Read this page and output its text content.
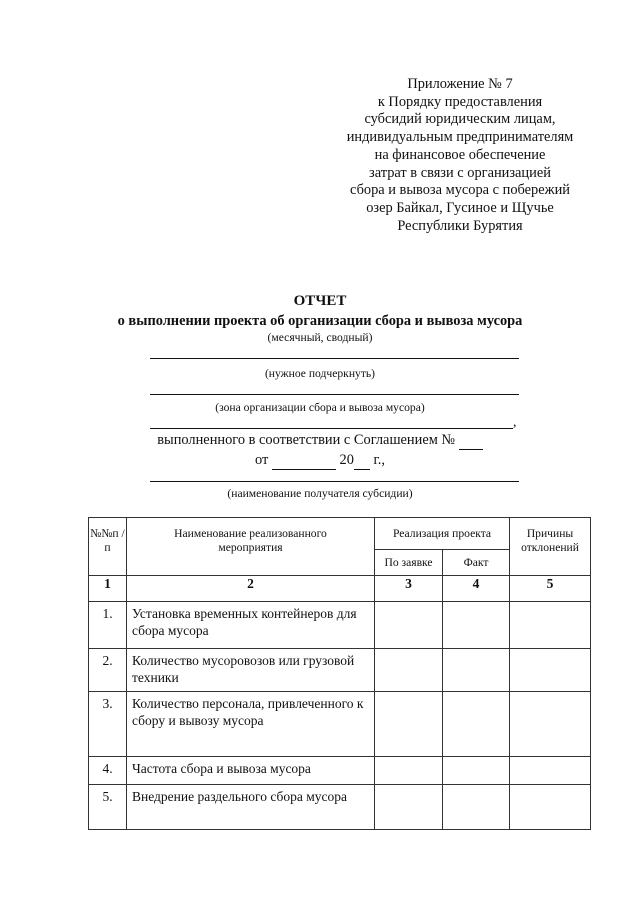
Приложение № 7
к Порядку предоставления
субсидий юридическим лицам,
индивидуальным предпринимателям
на финансовое обеспечение
затрат в связи с организацией
сбора и вывоза мусора с побережий
озер Байкал, Гусиное и Щучье
Республики Бурятия
ОТЧЕТ
о выполнении проекта об организации сбора и вывоза мусора
(месячный, сводный)
(нужное подчеркнуть)
(зона организации сбора и вывоза мусора)
,
выполненного в соответствии с Соглашением №
от	20 г.,
(наименование получателя субсидии)
№№п /п	Наименование реализованного мероприятия	Реализация проекта		Причины отклонений
		По заявке	Факт	
1	2	3	4	5
1.	Установка временных контейнеров для сбора мусора			
2.	Количество мусоровозов или грузовой техники			
3.	Количество персонала, привлеченного к сбору и вывозу мусора			
4.	Частота сбора и вывоза мусора			
5.	Внедрение раздельного сбора мусора			
